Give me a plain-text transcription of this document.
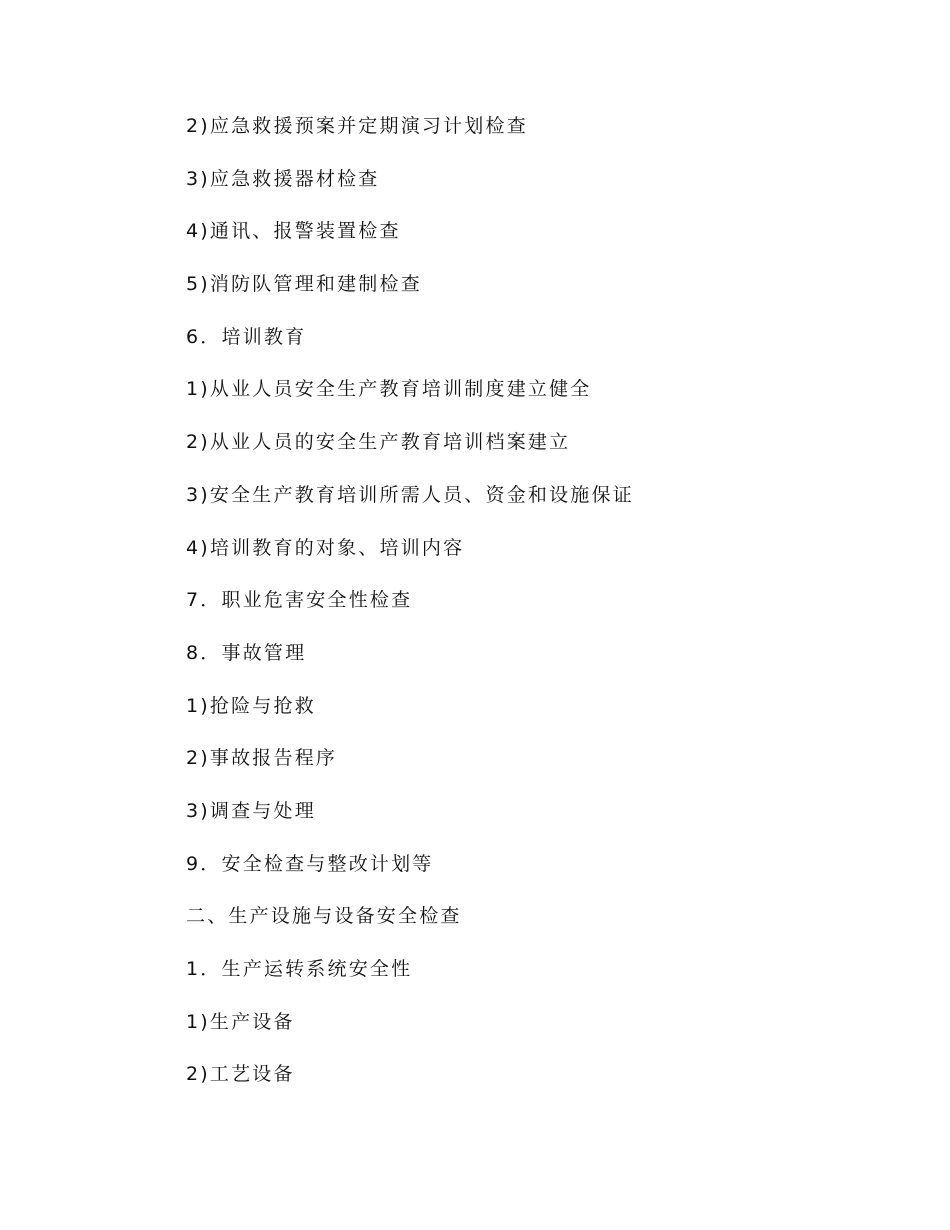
2)应急救援预案并定期演习计划检查
3)应急救援器材检查
4)通讯、报警装置检查
5)消防队管理和建制检查
6．培训教育
1)从业人员安全生产教育培训制度建立健全
2)从业人员的安全生产教育培训档案建立
3)安全生产教育培训所需人员、资金和设施保证
4)培训教育的对象、培训内容
7．职业危害安全性检查
8．事故管理
1)抢险与抢救
2)事故报告程序
3)调查与处理
9．安全检查与整改计划等
二、生产设施与设备安全检查
1．生产运转系统安全性
1)生产设备
2)工艺设备
